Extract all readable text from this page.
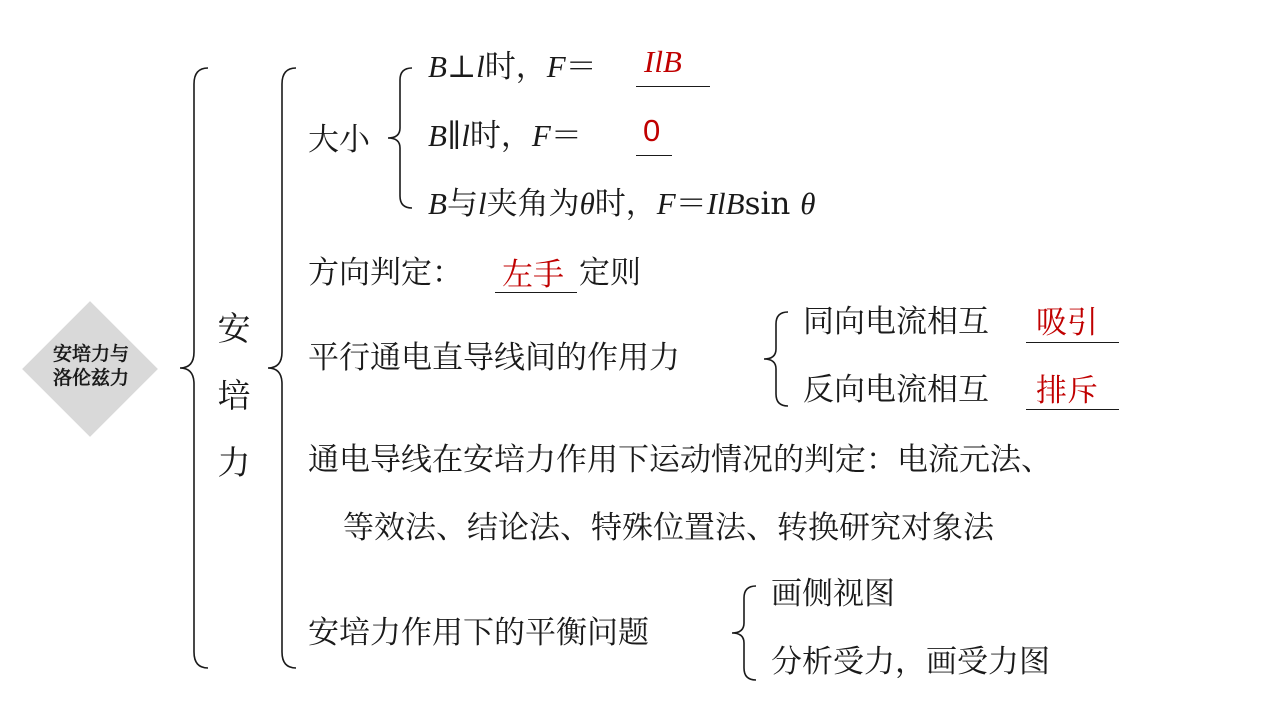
安培力与
洛伦兹力
安
培
力
大小
B⊥l时，F＝ IlB
B∥l时，F＝ 0
B与l夹角为θ时，F＝IlBsin θ
方向判定： 左手 定则
平行通电直导线间的作用力
同向电流相互 吸引
反向电流相互 排斥
通电导线在安培力作用下运动情况的判定：电流元法、
等效法、结论法、特殊位置法、转换研究对象法
安培力作用下的平衡问题
画侧视图
分析受力，画受力图
